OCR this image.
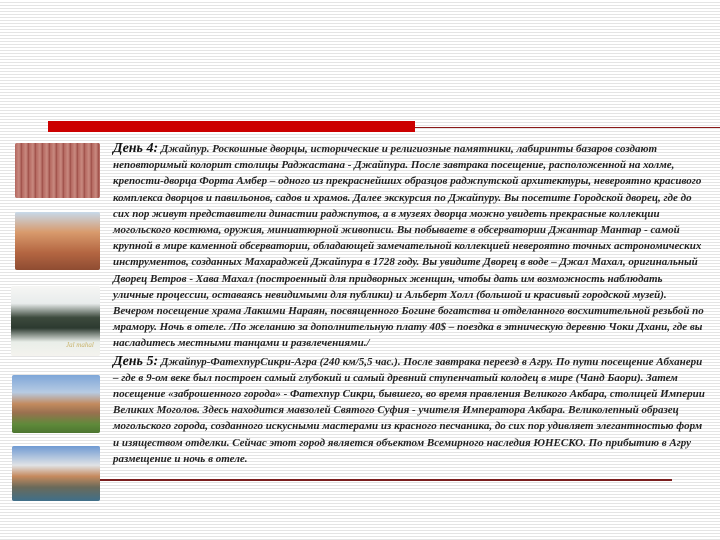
Jal mahal

День 4: Джайпур. Роскошные дворцы, исторические и религиозные памятники, лабиринты базаров создают неповторимый колорит столицы Раджастана - Джайпура. После завтрака посещение, расположенной на холме, крепости-дворца Форта Амбер – одного из прекраснейших образцов раджпутской архитектуры, невероятно красивого комплекса дворцов и павильонов, садов и храмов. Далее экскурсия по Джайпуру. Вы посетите Городской дворец, где до сих пор живут представители династии раджпутов, а в музеях дворца можно увидеть прекрасные коллекции могольского костюма, оружия, миниатюрной живописи. Вы побываете в обсерватории Джантар Мантар - самой крупной в мире каменной обсерватории, обладающей замечательной коллекцией невероятно точных астрономических инструментов, созданных Махараджей Джайпура в 1728 году. Вы увидите Дворец в воде – Джал Махал, оригинальный Дворец Ветров - Хава Махал (построенный для придворных женщин, чтобы дать им возможность наблюдать уличные процессии, оставаясь невидимыми для публики) и Альберт Холл (большой и красивый городской музей). Вечером посещение храма Лакшми Нараян, посвященного Богине богатства и отделанного восхитительной резьбой по мрамору. Ночь в отеле. /По желанию за дополнительную плату 40$ – поездка в этническую деревню Чоки Дхани, где вы насладитесь местными танцами и развлечениями./

День 5: Джайпур-ФатехпурСикри-Агра (240 км/5,5 час.). После завтрака переезд в Агру. По пути посещение Абханери – где в 9-ом веке был построен самый глубокий и самый древний ступенчатый колодец в мире (Чанд Баори). Затем посещение «заброшенного города» - Фатехпур Сикри, бывшего, во время правления Великого Акбара, столицей Империи Великих Моголов. Здесь находится мавзолей Святого Суфия - учителя Императора Акбара. Великолепный образец могольского города, созданного искусными мастерами из красного песчаника, до сих пор удивляет элегантностью форм и изяществом отделки. Сейчас этот город является объектом Всемирного наследия ЮНЕСКО. По прибытию в Агру размещение и ночь в отеле.
